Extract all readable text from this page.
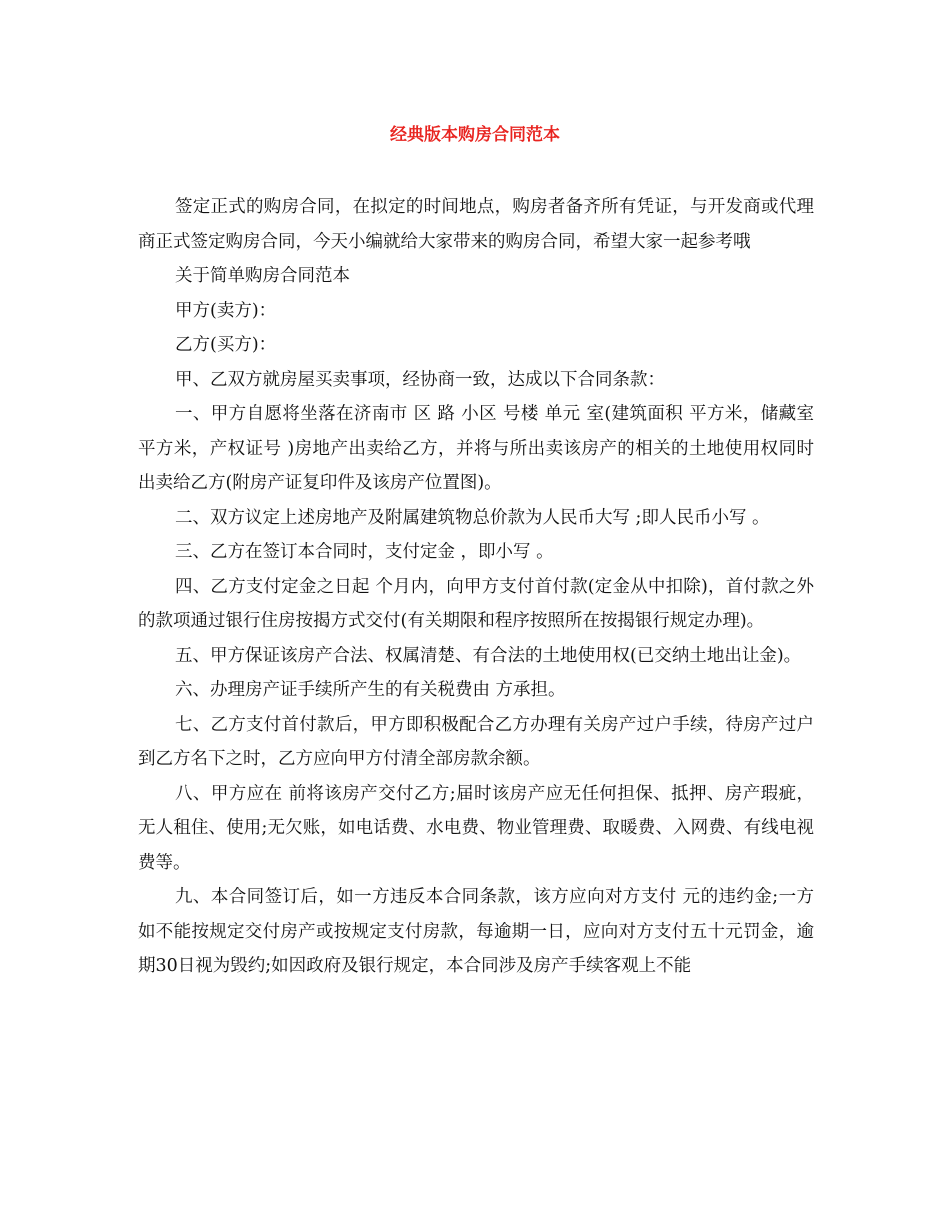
经典版本购房合同范本

签定正式的购房合同，在拟定的时间地点，购房者备齐所有凭证，与开发商或代理商正式签定购房合同，今天小编就给大家带来的购房合同，希望大家一起参考哦

关于简单购房合同范本

甲方(卖方)：

乙方(买方)：

甲、乙双方就房屋买卖事项，经协商一致，达成以下合同条款：

一、甲方自愿将坐落在济南市 区 路 小区 号楼 单元 室(建筑面积 平方米，储藏室 平方米，产权证号 )房地产出卖给乙方，并将与所出卖该房产的相关的土地使用权同时出卖给乙方(附房产证复印件及该房产位置图)。

二、双方议定上述房地产及附属建筑物总价款为人民币大写 ;即人民币小写 。

三、乙方在签订本合同时，支付定金 ，即小写 。

四、乙方支付定金之日起 个月内，向甲方支付首付款(定金从中扣除)，首付款之外的款项通过银行住房按揭方式交付(有关期限和程序按照所在按揭银行规定办理)。

五、甲方保证该房产合法、权属清楚、有合法的土地使用权(已交纳土地出让金)。

六、办理房产证手续所产生的有关税费由 方承担。

七、乙方支付首付款后，甲方即积极配合乙方办理有关房产过户手续，待房产过户到乙方名下之时，乙方应向甲方付清全部房款余额。

八、甲方应在 前将该房产交付乙方;届时该房产应无任何担保、抵押、房产瑕疵，无人租住、使用;无欠账，如电话费、水电费、物业管理费、取暖费、入网费、有线电视费等。

九、本合同签订后，如一方违反本合同条款，该方应向对方支付 元的违约金;一方如不能按规定交付房产或按规定支付房款，每逾期一日，应向对方支付五十元罚金，逾期30日视为毁约;如因政府及银行规定，本合同涉及房产手续客观上不能
